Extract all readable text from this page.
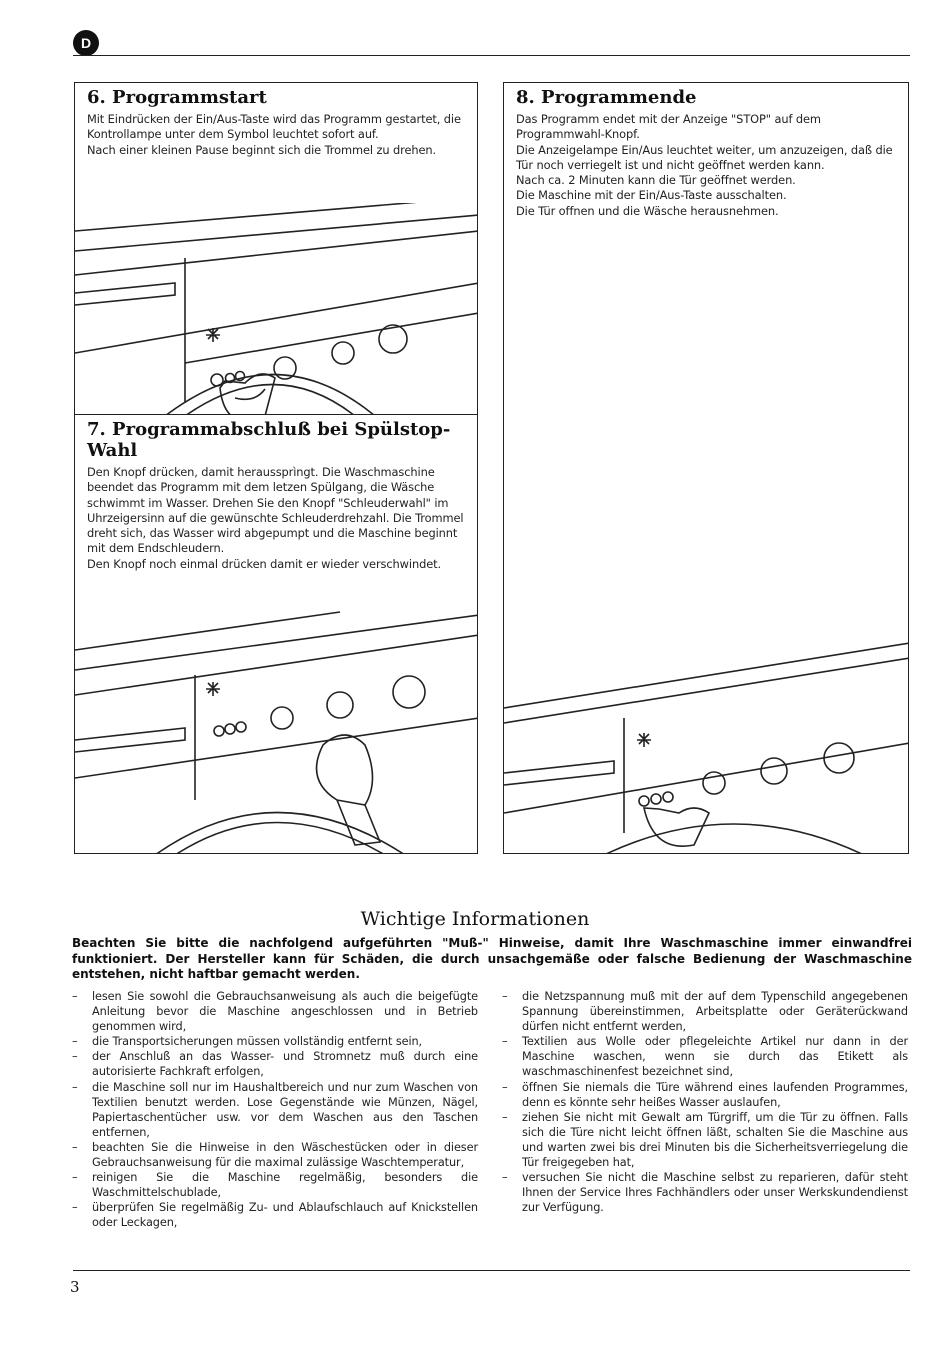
D
6. Programmstart

Mit Eindrücken der Ein/Aus-Taste wird das Programm gestartet, die Kontrollampe unter dem Symbol leuchtet sofort auf.

Nach einer kleinen Pause beginnt sich die Trommel zu drehen.

7. Programmabschluß bei Spülstop-Wahl

Den Knopf drücken, damit heraussprìngt. Die Waschmaschine beendet das Programm mit dem letzen Spülgang, die Wäsche schwimmt im Wasser. Drehen Sie den Knopf "Schleuderwahl" im Uhrzeigersinn auf die gewünschte Schleuderdrehzahl. Die Trommel dreht sich, das Wasser wird abgepumpt und die Maschine beginnt mit dem Endschleudern.

Den Knopf noch einmal drücken damit er wieder verschwindet.

8. Programmende

Das Programm endet mit der Anzeige "STOP" auf dem Programmwahl-Knopf.

Die Anzeigelampe Ein/Aus leuchtet weiter, um anzuzeigen, daß die Tür noch verriegelt ist und nicht geöffnet werden kann.

Nach ca. 2 Minuten kann die Tür geöffnet werden.

Die Maschine mit der Ein/Aus-Taste ausschalten.

Die Tür offnen und die Wäsche herausnehmen.

Wichtige Informationen
Beachten Sie bitte die nachfolgend aufgeführten "Muß-" Hinweise, damit Ihre Waschmaschine immer einwandfrei funktioniert. Der Hersteller kann für Schäden, die durch unsachgemäße oder falsche Bedienung der Waschmaschine entstehen, nicht haftbar gemacht werden.
– lesen Sie sowohl die Gebrauchsanweisung als auch die beigefügte Anleitung bevor die Maschine angeschlossen und in Betrieb genommen wird,
– die Transportsicherungen müssen vollständig entfernt sein,
– der Anschluß an das Wasser- und Stromnetz muß durch eine autorisierte Fachkraft erfolgen,
– die Maschine soll nur im Haushaltbereich und nur zum Waschen von Textilien benutzt werden. Lose Gegenstände wie Münzen, Nägel, Papiertaschentücher usw. vor dem Waschen aus den Taschen entfernen,
– beachten Sie die Hinweise in den Wäschestücken oder in dieser Gebrauchsanweisung für die maximal zulässige Waschtemperatur,
– reinigen Sie die Maschine regelmäßig, besonders die Waschmittelschublade,
– überprüfen Sie regelmäßig Zu- und Ablaufschlauch auf Knickstellen oder Leckagen,
– die Netzspannung muß mit der auf dem Typenschild angegebenen Spannung übereinstimmen, Arbeitsplatte oder Geräterückwand dürfen nicht entfernt werden,
– Textilien aus Wolle oder pflegeleichte Artikel nur dann in der Maschine waschen, wenn sie durch das Etikett als waschmaschinenfest bezeichnet sind,
– öffnen Sie niemals die Türe während eines laufenden Programmes, denn es könnte sehr heißes Wasser auslaufen,
– ziehen Sie nicht mit Gewalt am Türgriff, um die Tür zu öffnen. Falls sich die Türe nicht leicht öffnen läßt, schalten Sie die Maschine aus und warten zwei bis drei Minuten bis die Sicherheitsverriegelung die Tür freigegeben hat,
– versuchen Sie nicht die Maschine selbst zu reparieren, dafür steht Ihnen der Service Ihres Fachhändlers oder unser Werkskundendienst zur Verfügung.
3
